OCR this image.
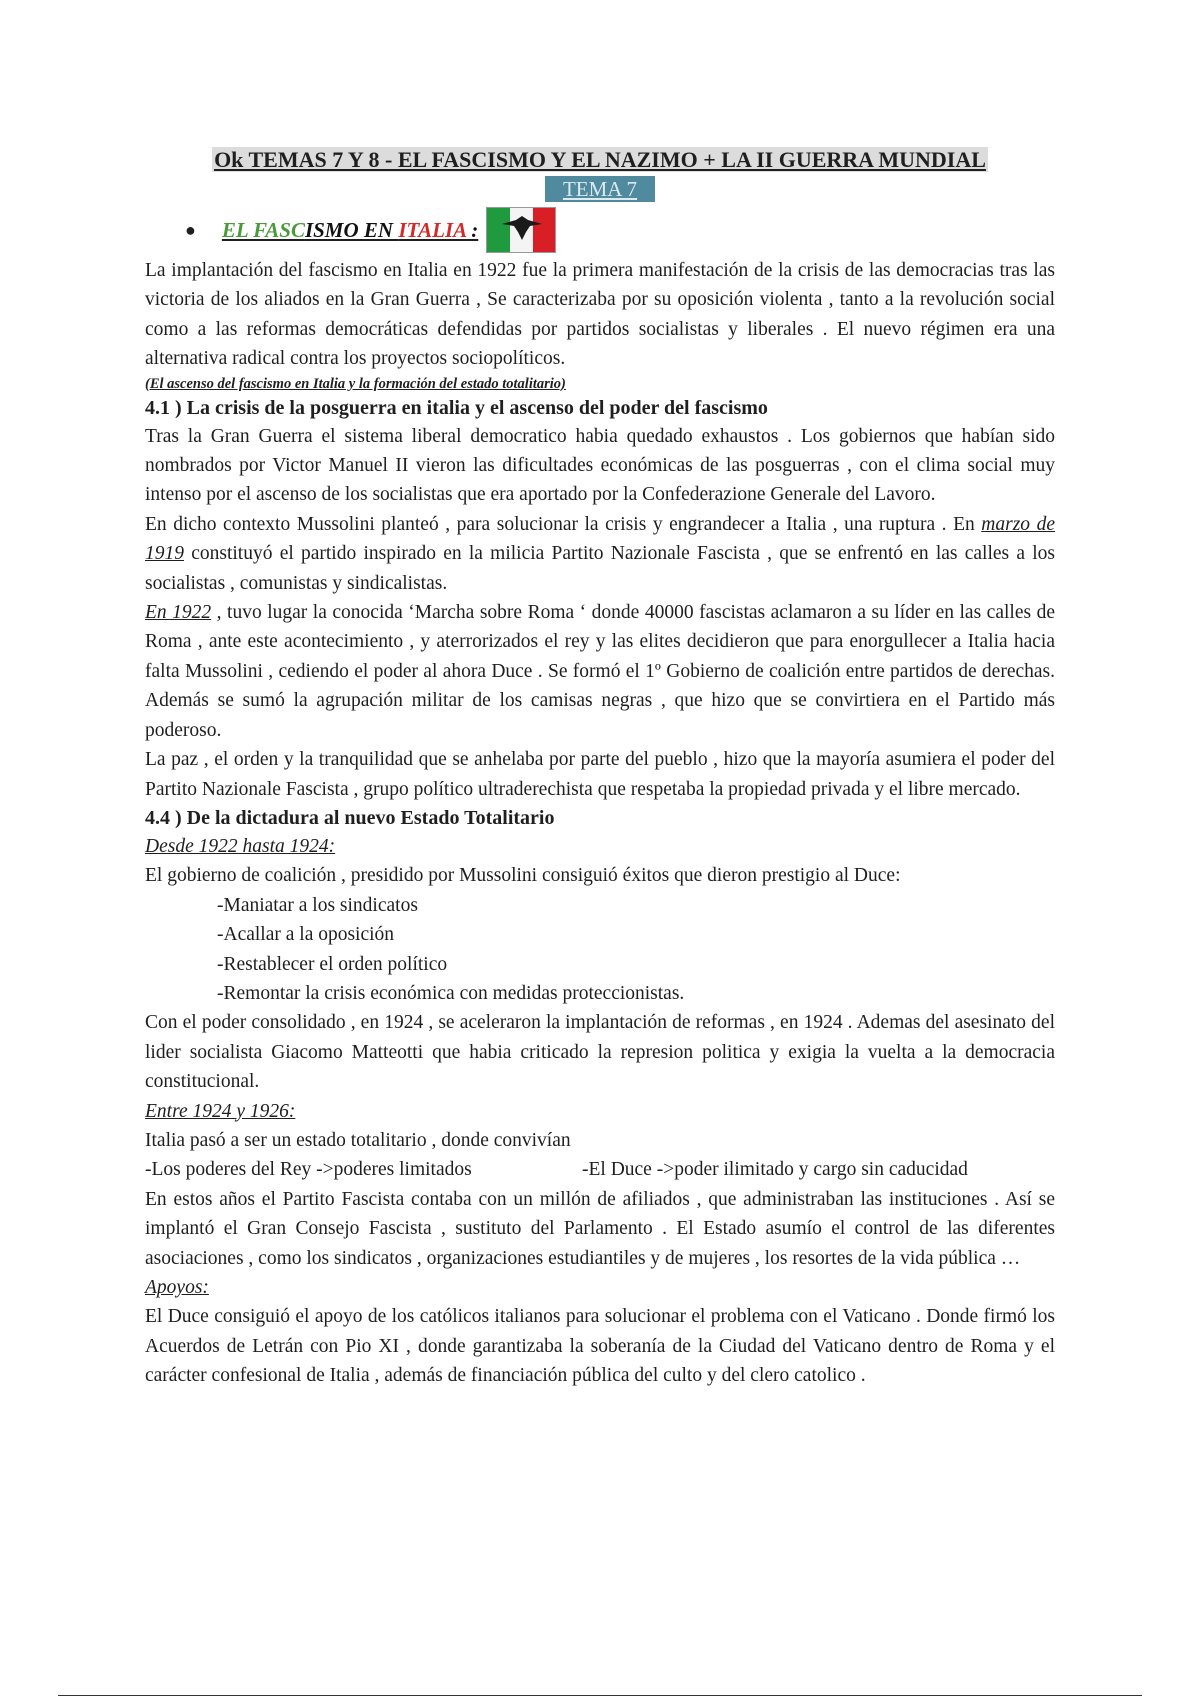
Ok TEMAS 7 Y 8 - EL FASCISMO Y EL NAZIMO + LA II GUERRA MUNDIAL
TEMA 7
● EL FASCISMO EN ITALIA :

La implantación del fascismo en Italia en 1922 fue la primera manifestación de la crisis de las democracias tras las victoria de los aliados en la Gran Guerra , Se caracterizaba por su oposición violenta , tanto a la revolución social como a las reformas democráticas defendidas por partidos socialistas y liberales . El nuevo régimen era una alternativa radical contra los proyectos sociopolíticos.

(El ascenso del fascismo en Italia y la formación del estado totalitario)
4.1 ) La crisis de la posguerra en italia y el ascenso del poder del fascismo

Tras la Gran Guerra el sistema liberal democratico habia quedado exhaustos . Los gobiernos que habían sido nombrados por Victor Manuel II vieron las dificultades económicas de las posguerras , con el clima social muy intenso por el ascenso de los socialistas que era aportado por la Confederazione Generale del Lavoro.

En dicho contexto Mussolini planteó , para solucionar la crisis y engrandecer a Italia , una ruptura . En marzo de 1919 constituyó el partido inspirado en la milicia Partito Nazionale Fascista , que se enfrentó en las calles a los socialistas , comunistas y sindicalistas.

En 1922 , tuvo lugar la conocida ‘Marcha sobre Roma ‘ donde 40000 fascistas aclamaron a su líder en las calles de Roma , ante este acontecimiento , y aterrorizados el rey y las elites decidieron que para enorgullecer a Italia hacia falta Mussolini , cediendo el poder al ahora Duce . Se formó el 1º Gobierno de coalición entre partidos de derechas. Además se sumó la agrupación militar de los camisas negras , que hizo que se convirtiera en el Partido más poderoso.

La paz , el orden y la tranquilidad que se anhelaba por parte del pueblo , hizo que la mayoría asumiera el poder del Partito Nazionale Fascista , grupo político ultraderechista que respetaba la propiedad privada y el libre mercado.

4.4 ) De la dictadura al nuevo Estado Totalitario

Desde 1922 hasta 1924:

El gobierno de coalición , presidido por Mussolini consiguió éxitos que dieron prestigio al Duce:

-Maniatar a los sindicatos

-Acallar a la oposición

-Restablecer el orden político

-Remontar la crisis económica con medidas proteccionistas.

Con el poder consolidado , en 1924 , se aceleraron la implantación de reformas , en 1924 . Ademas del asesinato del lider socialista Giacomo Matteotti que habia criticado la represion politica y exigia la vuelta a la democracia constitucional.

Entre 1924 y 1926:

Italia pasó a ser un estado totalitario , donde convivían

-Los poderes del Rey ->poderes limitados	-El Duce ->poder ilimitado y cargo sin caducidad

En estos años el Partito Fascista contaba con un millón de afiliados , que administraban las instituciones . Así se implantó el Gran Consejo Fascista , sustituto del Parlamento . El Estado asumío el control de las diferentes asociaciones , como los sindicatos , organizaciones estudiantiles y de mujeres , los resortes de la vida pública …

Apoyos:

El Duce consiguió el apoyo de los católicos italianos para solucionar el problema con el Vaticano . Donde firmó los Acuerdos de Letrán con Pio XI , donde garantizaba la soberanía de la Ciudad del Vaticano dentro de Roma y el carácter confesional de Italia , además de financiación pública del culto y del clero catolico .
